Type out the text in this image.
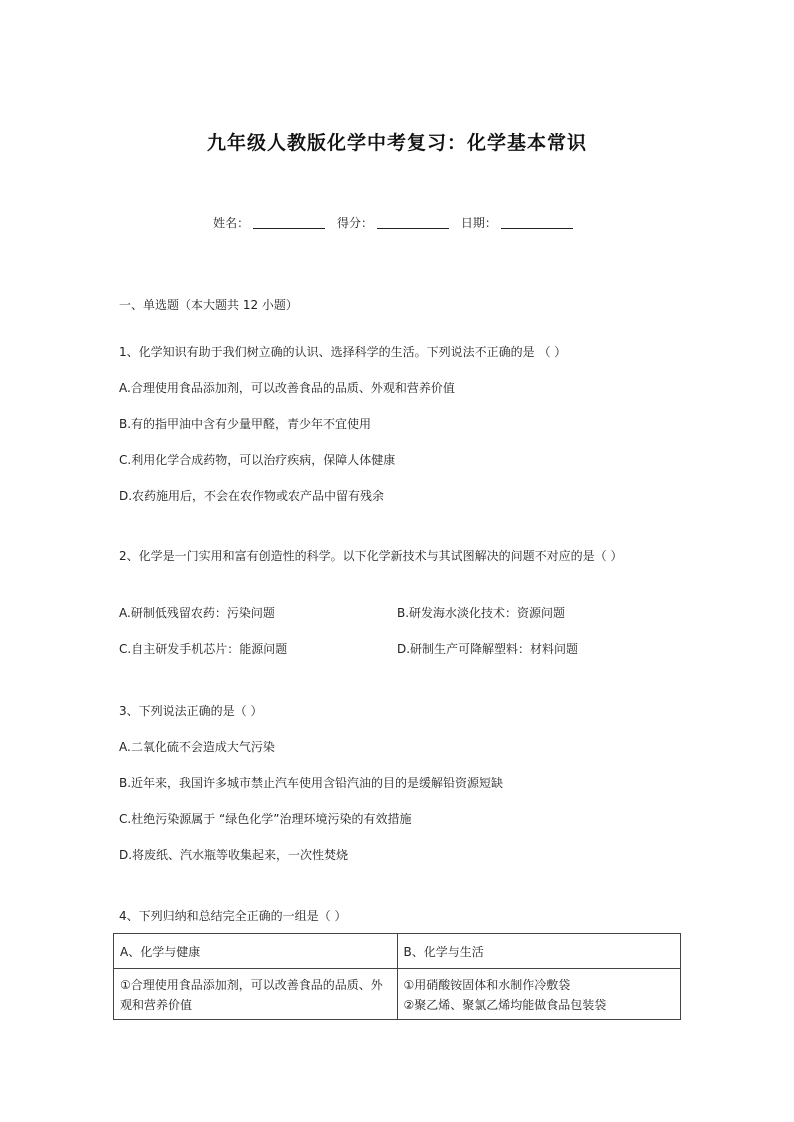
九年级人教版化学中考复习：化学基本常识
姓名：	得分：	日期：
一、单选题（本大题共 12 小题）
1、化学知识有助于我们树立确的认识、选择科学的生活。下列说法不正确的是 （ ）
A.合理使用食品添加剂，可以改善食品的品质、外观和营养价值
B.有的指甲油中含有少量甲醛，青少年不宜使用
C.利用化学合成药物，可以治疗疾病，保障人体健康
D.农药施用后，不会在农作物或农产品中留有残余
2、化学是一门实用和富有创造性的科学。以下化学新技术与其试图解决的问题不对应的是（ ）
A.研制低残留农药：污染问题	B.研发海水淡化技术：资源问题
C.自主研发手机芯片：能源问题	D.研制生产可降解塑料：材料问题
3、下列说法正确的是（ ）
A.二氧化硫不会造成大气污染
B.近年来，我国许多城市禁止汽车使用含铅汽油的目的是缓解铅资源短缺
C.杜绝污染源属于 “绿色化学”治理环境污染的有效措施
D.将废纸、汽水瓶等收集起来，一次性焚烧
4、下列归纳和总结完全正确的一组是（ ）
A、化学与健康	B、化学与生活

①合理使用食品添加剂，可以改善食品的品质、外观和营养价值	①用硝酸铵固体和水制作冷敷袋
②聚乙烯、聚氯乙烯均能做食品包装袋
